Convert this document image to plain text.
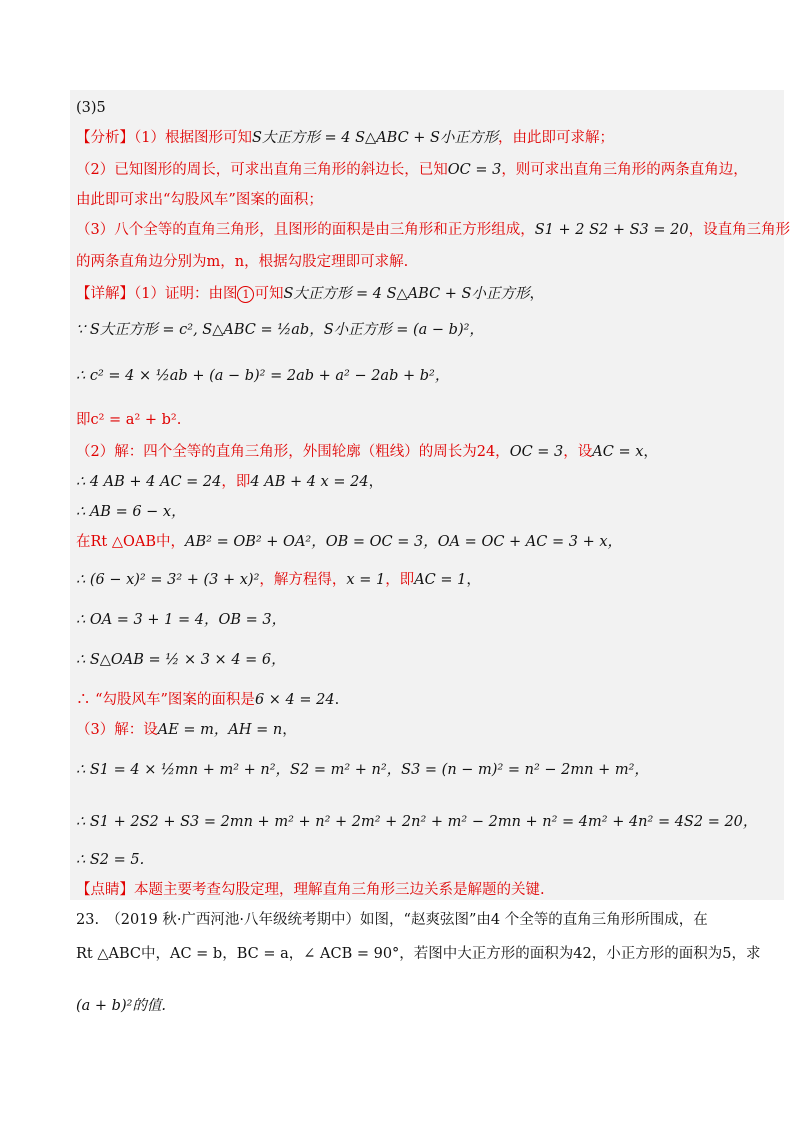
(3)5
【分析】（1）根据图形可知S大正方形 = 4 S△ABC + S小正方形，由此即可求解；
（2）已知图形的周长，可求出直角三角形的斜边长，已知OC = 3，则可求出直角三角形的两条直角边，
由此即可求出“勾股风车”图案的面积；
（3）八个全等的直角三角形，且图形的面积是由三角形和正方形组成，S1 + 2 S2 + S3 = 20，设直角三角形
的两条直角边分别为m，n，根据勾股定理即可求解.
【详解】（1）证明：由图 1 可知S大正方形 = 4 S△ABC + S小正方形，
∵ S大正方形 = c², S△ABC = ½ab，S小正方形 = (a − b)²，
∴ c² = 4 × ½ab + (a − b)² = 2ab + a² − 2ab + b²，
即c² = a² + b².
（2）解：四个全等的直角三角形，外围轮廓（粗线）的周长为24，OC = 3，设AC = x，
∴ 4 AB + 4 AC = 24，即4 AB + 4 x = 24，
∴ AB = 6 − x，
在Rt △OAB中，AB² = OB² + OA²，OB = OC = 3，OA = OC + AC = 3 + x，
∴ (6 − x)² = 3² + (3 + x)²，解方程得，x = 1，即AC = 1，
∴ OA = 3 + 1 = 4，OB = 3，
∴ S△OAB = ½ × 3 × 4 = 6，
∴ “勾股风车”图案的面积是6 × 4 = 24.
（3）解：设AE = m，AH = n，
∴ S1 = 4 × ½mn + m² + n²，S2 = m² + n²，S3 = (n − m)² = n² − 2mn + m²，
∴ S1 + 2S2 + S3 = 2mn + m² + n² + 2m² + 2n² + m² − 2mn + n² = 4m² + 4n² = 4S2 = 20，
∴ S2 = 5.
【点睛】本题主要考查勾股定理，理解直角三角形三边关系是解题的关键.
23.　（2019 秋·广西河池·八年级统考期中）如图，“赵爽弦图”由4 个全等的直角三角形所围成，在
Rt △ABC中，AC = b，BC = a，∠ ACB = 90°，若图中大正方形的面积为42，小正方形的面积为5，求
(a + b)²的值.
